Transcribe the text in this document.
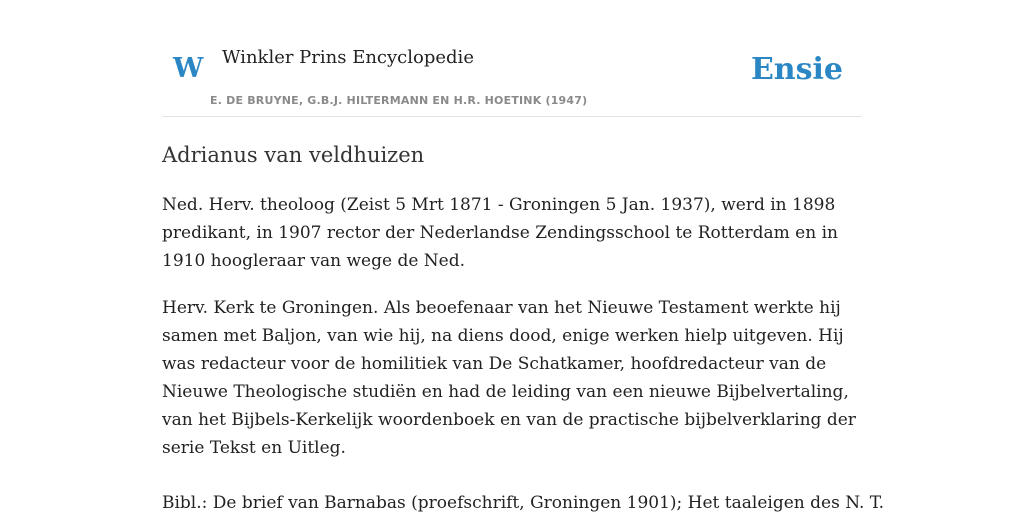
W Winkler Prins Encyclopedie
E. DE BRUYNE, G.B.J. HILTERMANN EN H.R. HOETINK (1947)
Ensie
Adrianus van veldhuizen

Ned. Herv. theoloog (Zeist 5 Mrt 1871 - Groningen 5 Jan. 1937), werd in 1898 predikant, in 1907 rector der Nederlandse Zendingsschool te Rotterdam en in 1910 hoogleraar van wege de Ned.

Herv. Kerk te Groningen. Als beoefenaar van het Nieuwe Testament werkte hij samen met Baljon, van wie hij, na diens dood, enige werken hielp uitgeven. Hij was redacteur voor de homilitiek van De Schatkamer, hoofdredacteur van de Nieuwe Theologische studiën en had de leiding van een nieuwe Bijbelvertaling, van het Bijbels-Kerkelijk woordenboek en van de practische bijbelverklaring der serie Tekst en Uitleg.

Bibl.: De brief van Barnabas (proefschrift, Groningen 1901); Het taaleigen des N. T.
